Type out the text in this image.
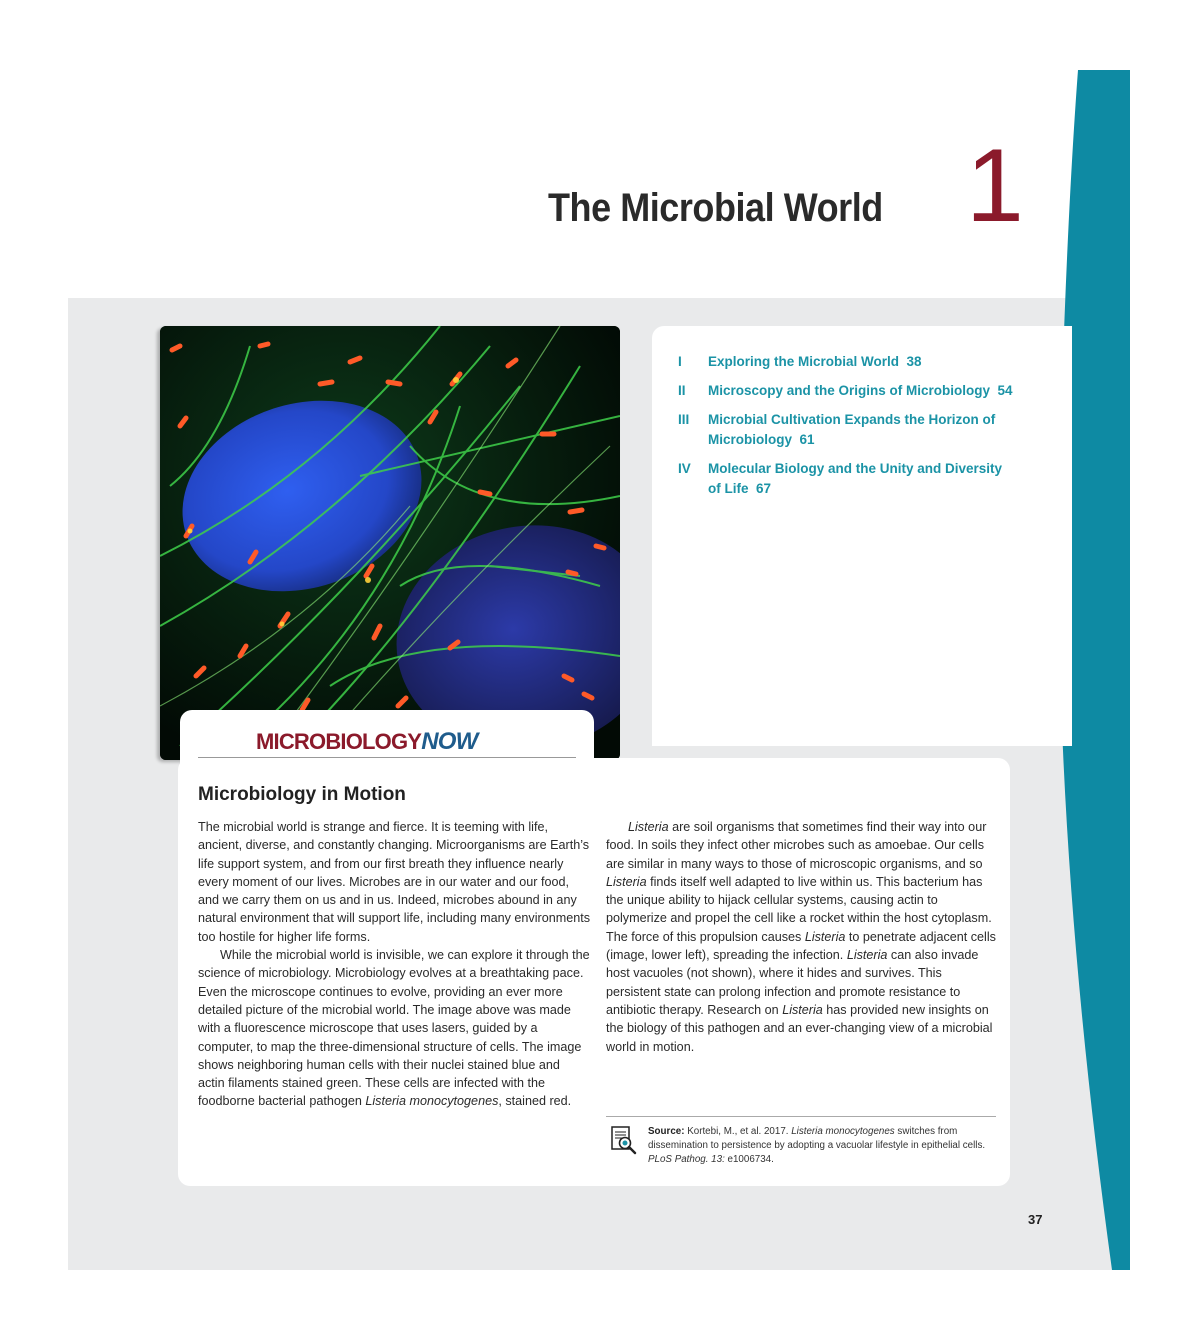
The Microbial World 1
I	Exploring the Microbial World 38
II	Microscopy and the Origins of Microbiology 54
III	Microbial Cultivation Expands the Horizon of Microbiology 61
IV	Molecular Biology and the Unity and Diversity of Life 67
Microbiology in Motion

The microbial world is strange and fierce. It is teeming with life, ancient, diverse, and constantly changing. Microorganisms are Earth’s life support system, and from our first breath they influence nearly every moment of our lives. Microbes are in our water and our food, and we carry them on us and in us. Indeed, microbes abound in any natural environment that will support life, including many environments too hostile for higher life forms.

While the microbial world is invisible, we can explore it through the science of microbiology. Microbiology evolves at a breathtaking pace. Even the microscope continues to evolve, providing an ever more detailed picture of the microbial world. The image above was made with a fluorescence microscope that uses lasers, guided by a computer, to map the three-dimensional structure of cells. The image shows neighboring human cells with their nuclei stained blue and actin filaments stained green. These cells are infected with the foodborne bacterial pathogen Listeria monocytogenes, stained red.

Listeria are soil organisms that sometimes find their way into our food. In soils they infect other microbes such as amoebae. Our cells are similar in many ways to those of microscopic organisms, and so Listeria finds itself well adapted to live within us. This bacterium has the unique ability to hijack cellular systems, causing actin to polymerize and propel the cell like a rocket within the host cytoplasm. The force of this propulsion causes Listeria to penetrate adjacent cells (image, lower left), spreading the infection. Listeria can also invade host vacuoles (not shown), where it hides and survives. This persistent state can prolong infection and promote resistance to antibiotic therapy. Research on Listeria has provided new insights on the biology of this pathogen and an ever-changing view of a microbial world in motion.

Source: Kortebi, M., et al. 2017. Listeria monocytogenes switches from dissemination to persistence by adopting a vacuolar lifestyle in epithelial cells. PLoS Pathog. 13: e1006734.
MICROBIOLOGYNOW
37
